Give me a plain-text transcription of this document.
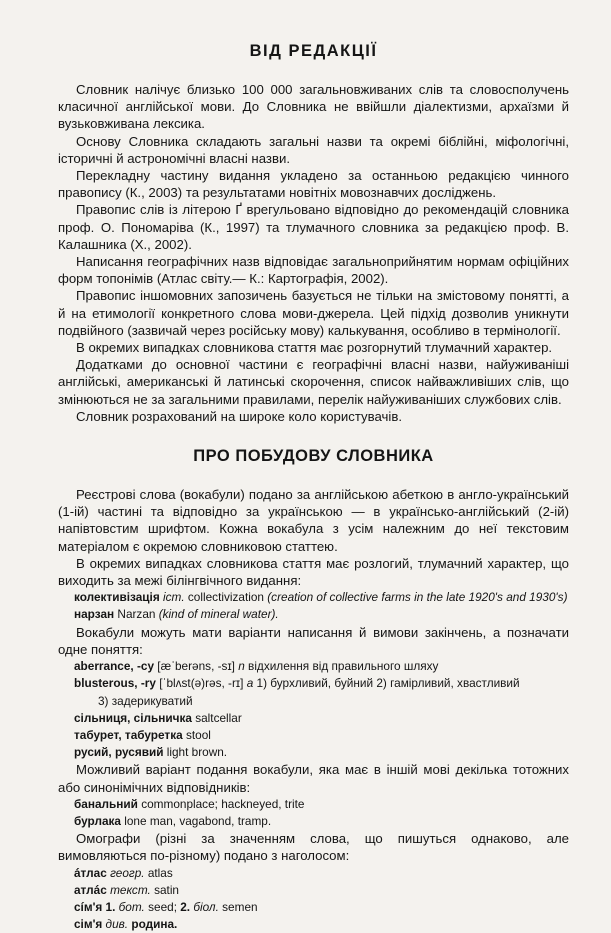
ВІД РЕДАКЦІЇ

Словник налічує близько 100 000 загальновживаних слів та словосполучень класичної англійської мови. До Словника не ввійшли діалектизми, архаїзми й вузьковживана лексика.

Основу Словника складають загальні назви та окремі біблійні, міфологічні, історичні й астрономічні власні назви.

Перекладну частину видання укладено за останньою редакцією чинного правопису (К., 2003) та результатами новітніх мовознавчих досліджень.

Правопис слів із літерою Ґ врегульовано відповідно до рекомендацій словника проф. О. Пономарiва (К., 1997) та тлумачного словника за редакцією проф. В. Калашника (Х., 2002).

Написання географічних назв відповідає загальноприйнятим нормам офіційних форм топонімів (Атлас світу.— К.: Картографія, 2002).

Правопис іншомовних запозичень базується не тільки на змістовому понятті, а й на етимології конкретного слова мови-джерела. Цей підхід дозволив уникнути подвійного (зазвичай через російську мову) калькування, особливо в термінології.

В окремих випадках словникова стаття має розгорнутий тлумачний характер.

Додатками до основної частини є географічні власні назви, найуживаніші англійські, американські й латинські скорочення, список найважливіших слів, що змінюються не за загальними правилами, перелік найуживаніших службових слів.

Словник розрахований на широке коло користувачів.

ПРО ПОБУДОВУ СЛОВНИКА

Реєстрові слова (вокабули) подано за англійською абеткою в англо-український (1-ій) частині та відповідно за українською — в українсько-англійський (2-ій) напівтовстим шрифтом. Кожна вокабула з усім належним до неї текстовим матеріалом є окремою словниковою статтею.

В окремих випадках словникова стаття має розлогий, тлумачний характер, що виходить за межі білінгвічного видання:

колективізація icm. collectivization (creation of collective farms in the late 1920's and 1930's)
нарзан Narzan (kind of mineral water).

Вокабули можуть мати варіанти написання й вимови закінчень, а позначати одне поняття:

aberrance, -cy [æˈberəns, -sɪ] n відхилення від правильного шляху
blusterous, -ry [ˈblʌst(ə)rəs, -rɪ] a 1) бурхливий, буйний 2) гамірливий, хвастливий
3) задерикуватий
сільниця, сільничка saltcellar
табурет, табуретка stool
русий, русявий light brown.

Можливий варіант подання вокабули, яка має в іншій мові декілька тотожних або синонімічних відповідників:

банальний commonplace; hackneyed, trite
бурлака lone man, vagabond, tramp.

Омографи (різні за значенням слова, що пишуться однаково, але вимовляються по-різному) подано з наголосом:

áтлас геогр. atlas
атлáс текст. satin
сíм'я 1. бот. seed; 2. біол. semen
сім'я див. родина.
